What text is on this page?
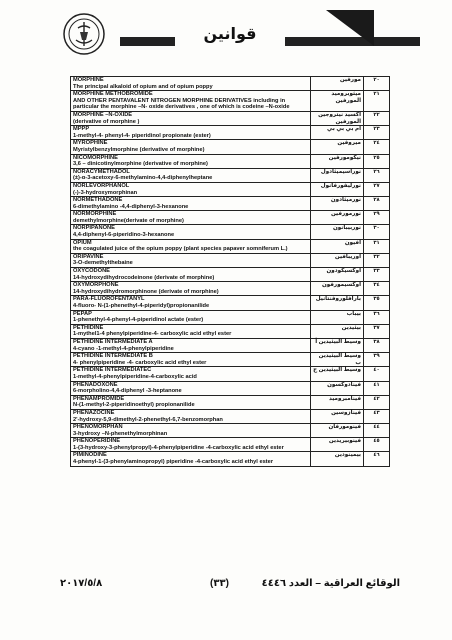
قوانين
MORPHINE
The principal alkaloid of opium and of opium poppy	مورفين	٢٠

MORPHINE METHOBROMIDE
AND OTHER PENTAVALENT NITROGEN MORPHINE DERIVATIVES including in particular the morphine –N- oxide derivatives , one of which is codeine –N-oxide	ميثوبروميد المورفين	٢١

MORPHINE –N-OXIDE
(derivative of morphine )	اكسيد نيتروجين المورفين	٢٢

MPPP
1-methyl-4- phenyl-4- piperidinol propionate (ester)	ام بي بي بي	٢٣

MYROPHINE
Myristylbenzylmorphine (derivative of morphine)	ميروفين	٢٤

NICOMORPHINE
3,6 – dinicotinylmorphine (derivative of morphine)	نيكومورفين	٢٥

NORACYMETHADOL
(±)-α-3-acetoxy-6-methylamino-4,4-diphenylheptane	نوراسيميثادول	٢٦

NORLEVORPHANOL
(-)-3-hydroxymorphinan	نورليفورفانول	٢٧

NORMETHADONE
6-dimethylamino -4,4-diphenyl-3-hexanone	نورميثادون	٢٨

NORMORPHINE
demethylmorphine(derivate of morphine)	نورمورفين	٢٩

NORPIPANONE
4,4-diphenyl-6-piperidino-3-hexanone	نوربيبانون	٣٠

OPIUM
the coagulated juice of the opium poppy (plant species papaver somniferum L.)	افيون	٣١

ORIPAVINE
3-O-demethylthebaine	اوريبافين	٣٢

OXYCODONE
14-hydroxydihydrocodeinone (derivate of morphine)	اوكسيكودون	٣٣

OXYMORPHONE
14-hydroxydihydromorphinone (derivate of morphine)	اوكسيمورفون	٣٤

PARA-FLUOROFENTANYL
4-fluoro- N-(1-phenethyl-4-piperidyl)propionanilide	بارافلوروفنتانيل	٣٥

PEPAP
1-phenethyl-4-phenyl-4-piperidinol actate (ester)	بيباب	٣٦

PETHIDINE
1-mythel1-4 phenylpiperidine-4- carboxylic acid ethyl ester	بيثيدين	٣٧

PETHIDINE INTERMEDIATE A
4-cyano -1-methyl-4-phenylpiperidine	وسيط البيثيدين أ	٣٨

PETHIDINE INTERMEDIATE B
4- phenylpiperidine -4- carboxylic acid ethyl ester	وسيط البيثيدين ب	٣٩

PETHIDINE INTERMEDIATEC
1-methyl-4-phenylpiperidine-4-carboxylic acid	وسيط البيثيدين ج	٤٠

PHENADOXONE
6-morpholino-4,4-diphenyl -3-heptanone	فينادوكسون	٤١

PHENAMPROMIDE
N-(1-methyl-2-piperidinoethyl) propionanilide	فينامبروميد	٤٢

PHENAZOCINE
2'-hydroxy-5,9-dimethyl-2-phenethyl-6,7-benzomorphan	فينازوسين	٤٣

PHENOMORPHAN
3-hydroxy –N-phenethylmorphinan	فينومورفان	٤٤

PHENOPERIDINE
1-(3-hydroxy-3-phenylpropyl)-4-phenylpiperidine -4-carboxylic acid ethyl ester	فينوبيريدين	٤٥

PIMINODINE
4-phenyl-1-(3-phenylaminopropyl) piperidine -4-carboxylic acid ethyl ester	بيمينودين	٤٦
٢٠١٧/٥/٨	(٣٣)	الوقائع العراقية – العدد ٤٤٤٦
